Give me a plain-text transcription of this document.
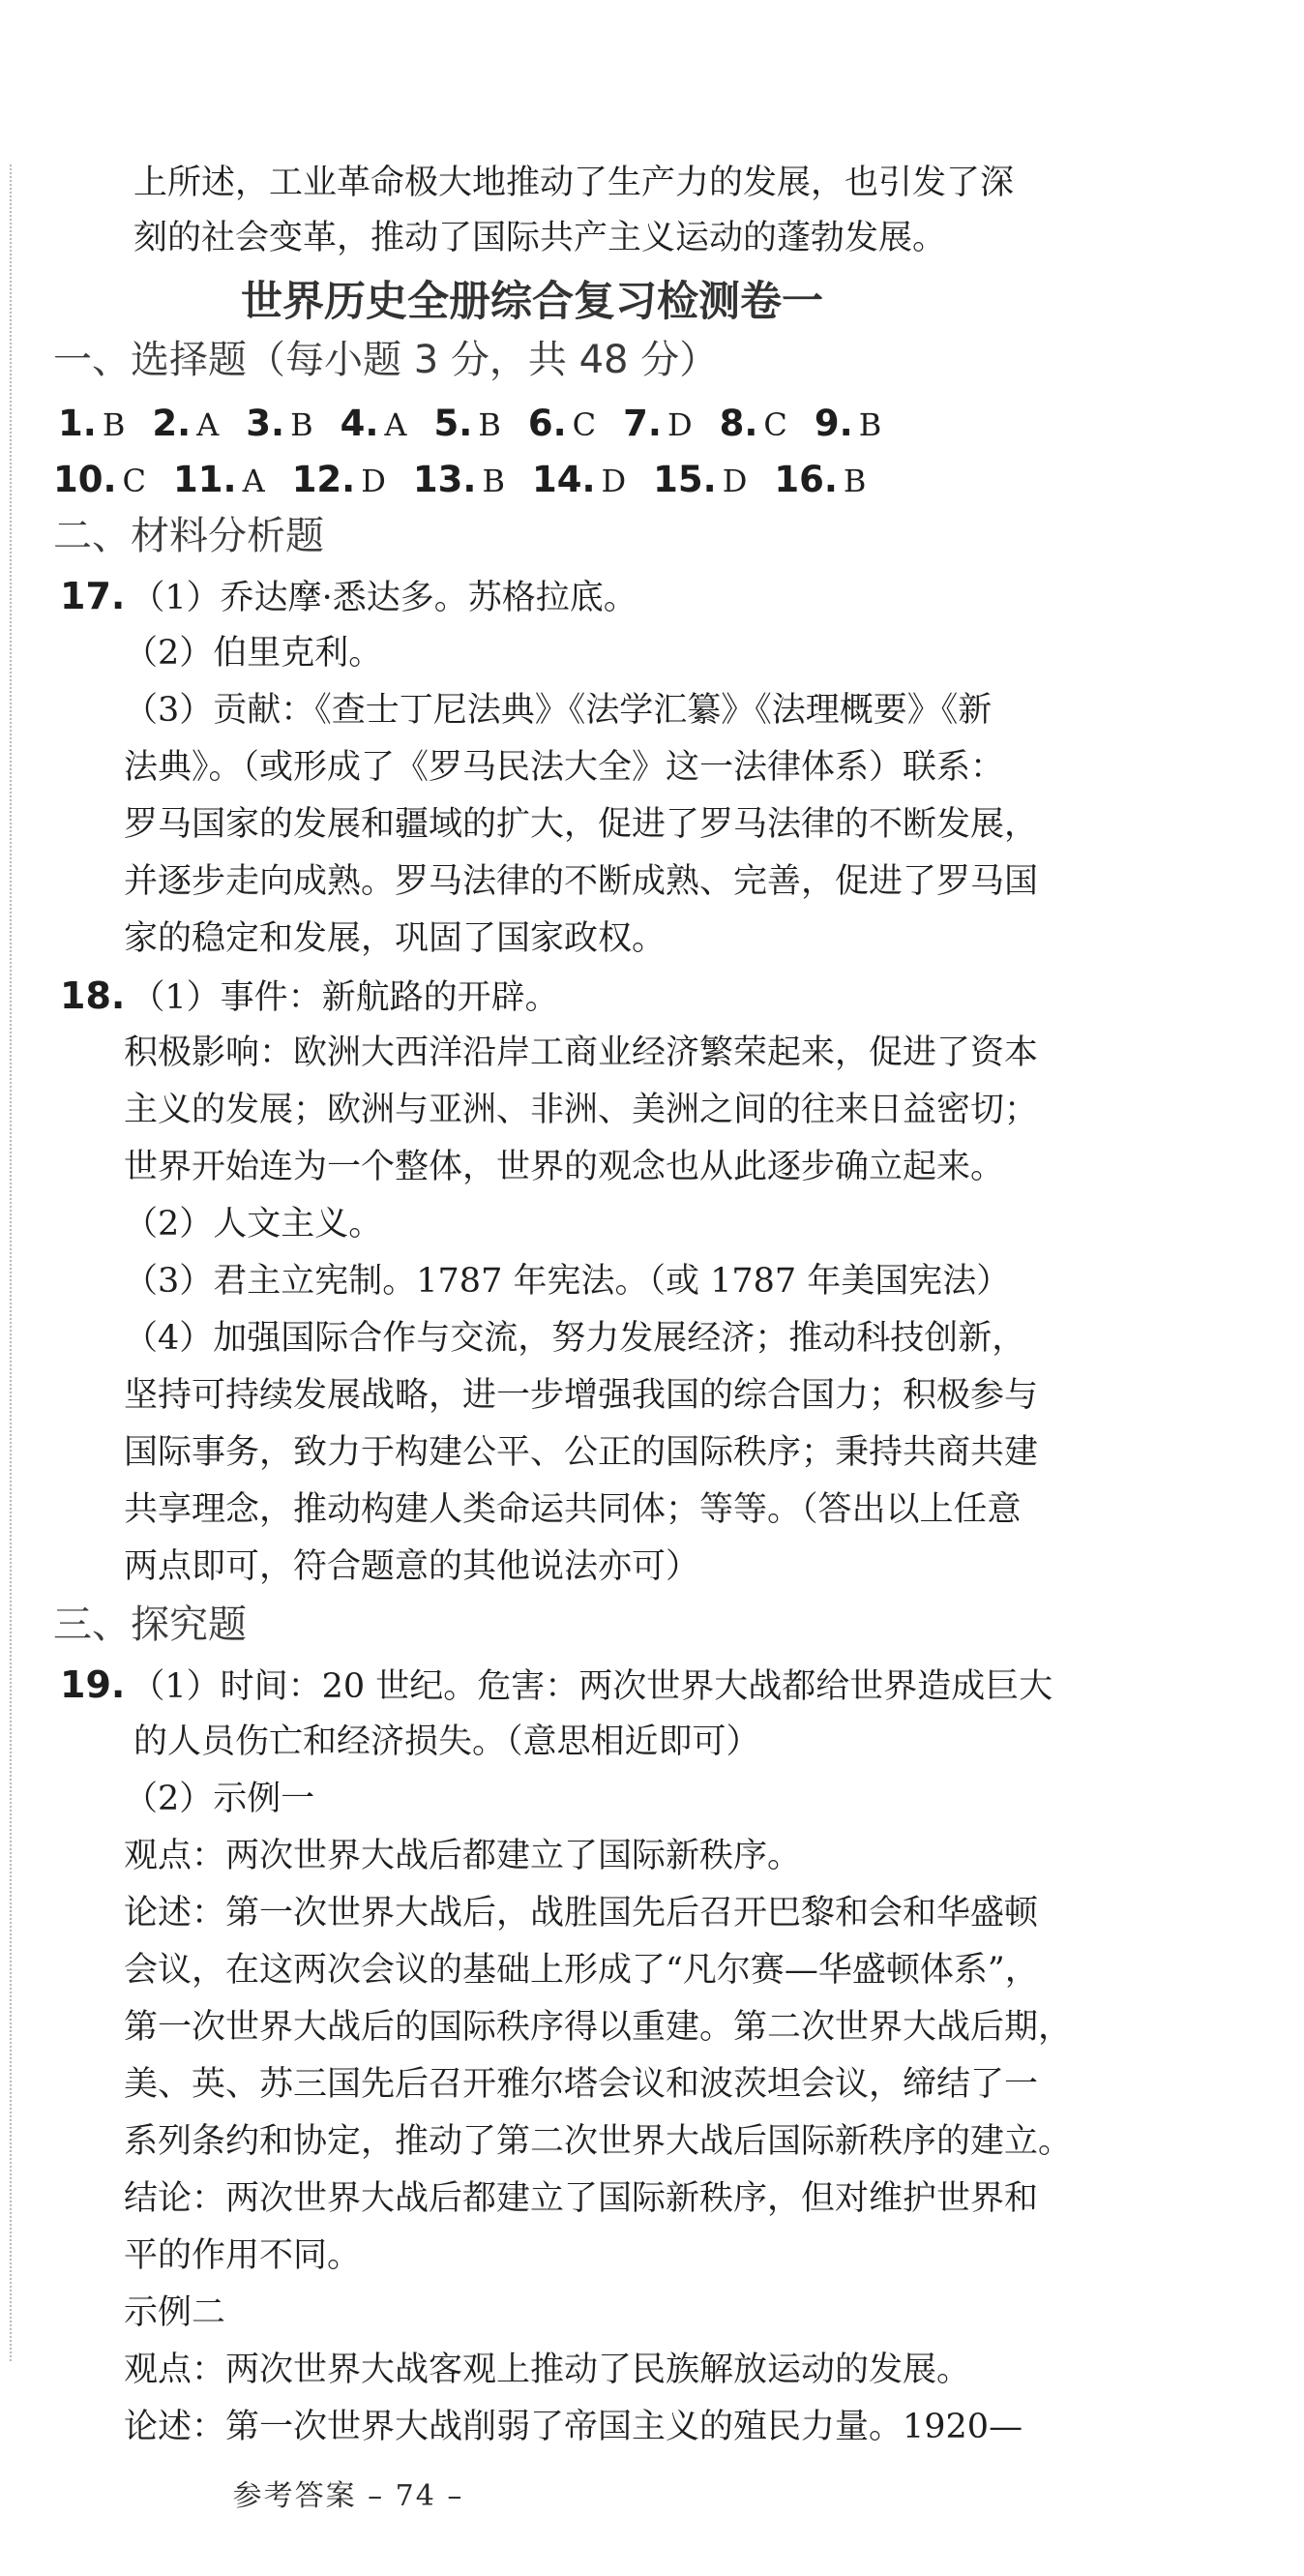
上所述，工业革命极大地推动了生产力的发展，也引发了深
刻的社会变革，推动了国际共产主义运动的蓬勃发展。
世界历史全册综合复习检测卷一
一、选择题（每小题 3 分，共 48 分）
1. B 2. A 3. B 4. A 5. B 6. C 7. D 8. C 9. B
10. C 11. A 12. D 13. B 14. D 15. D 16. B
二、材料分析题
17. （1）乔达摩·悉达多。苏格拉底。
（2）伯里克利。
（3）贡献：《查士丁尼法典》《法学汇纂》《法理概要》《新
法典》。（或形成了《罗马民法大全》这一法律体系）联系：
罗马国家的发展和疆域的扩大，促进了罗马法律的不断发展，
并逐步走向成熟。罗马法律的不断成熟、完善，促进了罗马国
家的稳定和发展，巩固了国家政权。
18. （1）事件：新航路的开辟。
积极影响：欧洲大西洋沿岸工商业经济繁荣起来，促进了资本
主义的发展；欧洲与亚洲、非洲、美洲之间的往来日益密切；
世界开始连为一个整体，世界的观念也从此逐步确立起来。
（2）人文主义。
（3）君主立宪制。1787 年宪法。（或 1787 年美国宪法）
（4）加强国际合作与交流，努力发展经济；推动科技创新，
坚持可持续发展战略，进一步增强我国的综合国力；积极参与
国际事务，致力于构建公平、公正的国际秩序；秉持共商共建
共享理念，推动构建人类命运共同体；等等。（答出以上任意
两点即可，符合题意的其他说法亦可）
三、探究题
19. （1）时间：20 世纪。危害：两次世界大战都给世界造成巨大
的人员伤亡和经济损失。（意思相近即可）
（2）示例一
观点：两次世界大战后都建立了国际新秩序。
论述：第一次世界大战后，战胜国先后召开巴黎和会和华盛顿
会议，在这两次会议的基础上形成了“凡尔赛—华盛顿体系”，
第一次世界大战后的国际秩序得以重建。第二次世界大战后期，
美、英、苏三国先后召开雅尔塔会议和波茨坦会议，缔结了一
系列条约和协定，推动了第二次世界大战后国际新秩序的建立。
结论：两次世界大战后都建立了国际新秩序，但对维护世界和
平的作用不同。
示例二
观点：两次世界大战客观上推动了民族解放运动的发展。
论述：第一次世界大战削弱了帝国主义的殖民力量。1920—
参考答案 – 74 –
